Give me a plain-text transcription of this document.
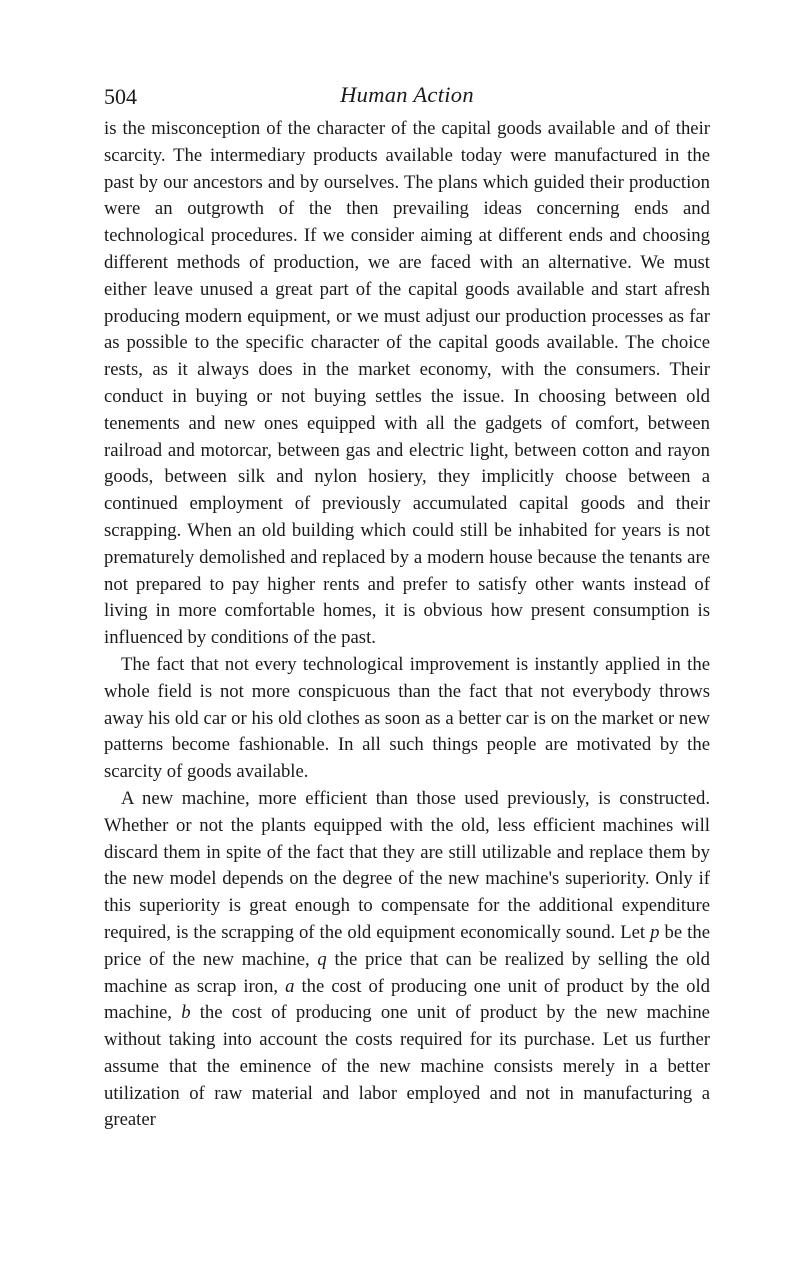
504	Human Action

is the misconception of the character of the capital goods available and of their scarcity. The intermediary products available today were manufactured in the past by our ancestors and by ourselves. The plans which guided their production were an outgrowth of the then prevailing ideas concerning ends and technological procedures. If we consider aiming at different ends and choosing different methods of production, we are faced with an alternative. We must either leave unused a great part of the capital goods available and start afresh producing modern equipment, or we must adjust our production processes as far as possible to the specific character of the capital goods available. The choice rests, as it always does in the market economy, with the consumers. Their conduct in buying or not buying settles the issue. In choosing between old tenements and new ones equipped with all the gadgets of comfort, between railroad and motorcar, between gas and electric light, between cotton and rayon goods, between silk and nylon hosiery, they implicitly choose between a continued employment of previously accumulated capital goods and their scrapping. When an old building which could still be inhabited for years is not prematurely demolished and replaced by a modern house because the tenants are not prepared to pay higher rents and prefer to satisfy other wants instead of living in more comfortable homes, it is obvious how present consumption is influenced by conditions of the past.

The fact that not every technological improvement is instantly applied in the whole field is not more conspicuous than the fact that not everybody throws away his old car or his old clothes as soon as a better car is on the market or new patterns become fashionable. In all such things people are motivated by the scarcity of goods available.

A new machine, more efficient than those used previously, is constructed. Whether or not the plants equipped with the old, less efficient machines will discard them in spite of the fact that they are still utilizable and replace them by the new model depends on the degree of the new machine's superiority. Only if this superiority is great enough to compensate for the additional expenditure required, is the scrapping of the old equipment economically sound. Let p be the price of the new machine, q the price that can be realized by selling the old machine as scrap iron, a the cost of producing one unit of product by the old machine, b the cost of producing one unit of product by the new machine without taking into account the costs required for its purchase. Let us further assume that the eminence of the new machine consists merely in a better utilization of raw material and labor employed and not in manufacturing a greater
